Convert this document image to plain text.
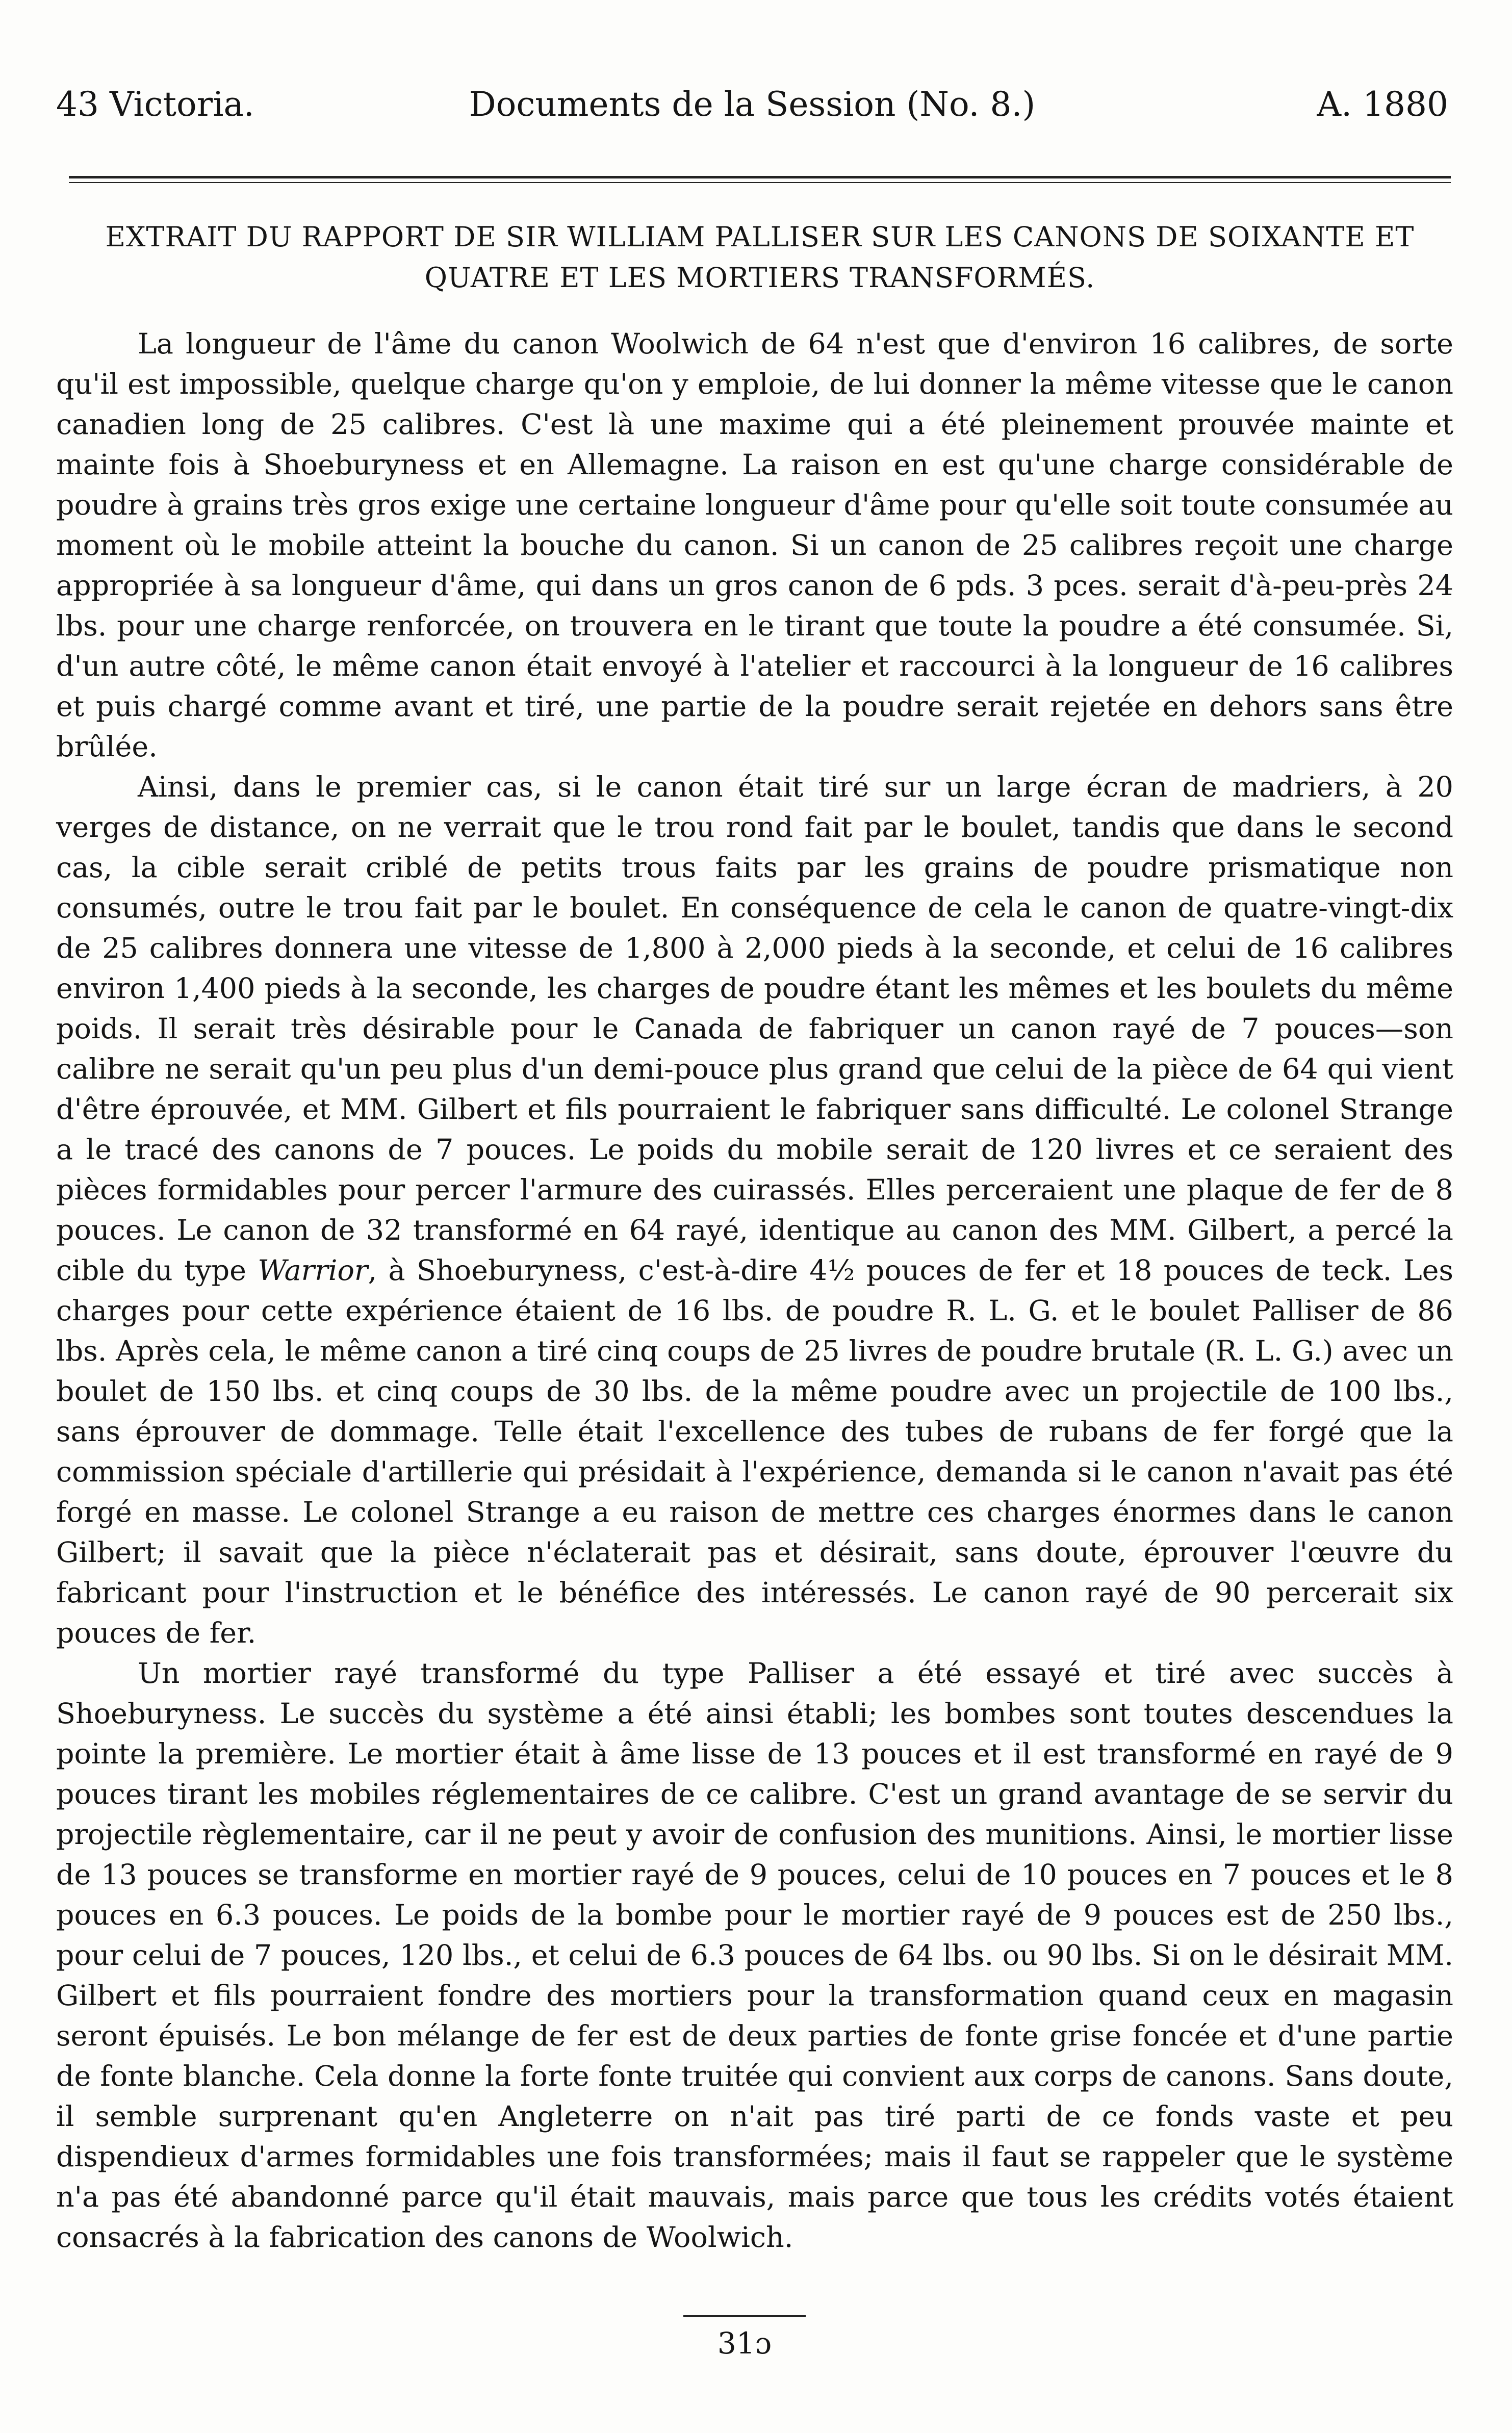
43 Victoria.	Documents de la Session (No. 8.)	A. 1880
EXTRAIT DU RAPPORT DE SIR WILLIAM PALLISER SUR LES CANONS DE SOIXANTE ET
QUATRE ET LES MORTIERS TRANSFORMÉS.

La longueur de l'âme du canon Woolwich de 64 n'est que d'environ 16 calibres, de sorte qu'il est impossible, quelque charge qu'on y emploie, de lui donner la même vitesse que le canon canadien long de 25 calibres. C'est là une maxime qui a été pleinement prouvée mainte et mainte fois à Shoeburyness et en Allemagne. La raison en est qu'une charge considérable de poudre à grains très gros exige une certaine longueur d'âme pour qu'elle soit toute consumée au moment où le mobile atteint la bouche du canon. Si un canon de 25 calibres reçoit une charge appropriée à sa longueur d'âme, qui dans un gros canon de 6 pds. 3 pces. serait d'à-peu-près 24 lbs. pour une charge renforcée, on trouvera en le tirant que toute la poudre a été consumée. Si, d'un autre côté, le même canon était envoyé à l'atelier et raccourci à la longueur de 16 calibres et puis chargé comme avant et tiré, une partie de la poudre serait rejetée en dehors sans être brûlée.

Ainsi, dans le premier cas, si le canon était tiré sur un large écran de madriers, à 20 verges de distance, on ne verrait que le trou rond fait par le boulet, tandis que dans le second cas, la cible serait criblé de petits trous faits par les grains de poudre prismatique non consumés, outre le trou fait par le boulet. En conséquence de cela le canon de quatre-vingt-dix de 25 calibres donnera une vitesse de 1,800 à 2,000 pieds à la seconde, et celui de 16 calibres environ 1,400 pieds à la seconde, les charges de poudre étant les mêmes et les boulets du même poids. Il serait très désirable pour le Canada de fabriquer un canon rayé de 7 pouces—son calibre ne serait qu'un peu plus d'un demi-pouce plus grand que celui de la pièce de 64 qui vient d'être éprouvée, et MM. Gilbert et fils pourraient le fabriquer sans difficulté. Le colonel Strange a le tracé des canons de 7 pouces. Le poids du mobile serait de 120 livres et ce seraient des pièces formidables pour percer l'armure des cuirassés. Elles perceraient une plaque de fer de 8 pouces. Le canon de 32 transformé en 64 rayé, identique au canon des MM. Gilbert, a percé la cible du type Warrior, à Shoeburyness, c'est-à-dire 4½ pouces de fer et 18 pouces de teck. Les charges pour cette expérience étaient de 16 lbs. de poudre R. L. G. et le boulet Palliser de 86 lbs. Après cela, le même canon a tiré cinq coups de 25 livres de poudre brutale (R. L. G.) avec un boulet de 150 lbs. et cinq coups de 30 lbs. de la même poudre avec un projectile de 100 lbs., sans éprouver de dommage. Telle était l'excellence des tubes de rubans de fer forgé que la commission spéciale d'artillerie qui présidait à l'expérience, demanda si le canon n'avait pas été forgé en masse. Le colonel Strange a eu raison de mettre ces charges énormes dans le canon Gilbert; il savait que la pièce n'éclaterait pas et désirait, sans doute, éprouver l'œuvre du fabricant pour l'instruction et le bénéfice des intéressés. Le canon rayé de 90 percerait six pouces de fer.

Un mortier rayé transformé du type Palliser a été essayé et tiré avec succès à Shoeburyness. Le succès du système a été ainsi établi; les bombes sont toutes descendues la pointe la première. Le mortier était à âme lisse de 13 pouces et il est transformé en rayé de 9 pouces tirant les mobiles réglementaires de ce calibre. C'est un grand avantage de se servir du projectile règlementaire, car il ne peut y avoir de confusion des munitions. Ainsi, le mortier lisse de 13 pouces se transforme en mortier rayé de 9 pouces, celui de 10 pouces en 7 pouces et le 8 pouces en 6.3 pouces. Le poids de la bombe pour le mortier rayé de 9 pouces est de 250 lbs., pour celui de 7 pouces, 120 lbs., et celui de 6.3 pouces de 64 lbs. ou 90 lbs. Si on le désirait MM. Gilbert et fils pourraient fondre des mortiers pour la transformation quand ceux en magasin seront épuisés. Le bon mélange de fer est de deux parties de fonte grise foncée et d'une partie de fonte blanche. Cela donne la forte fonte truitée qui convient aux corps de canons. Sans doute, il semble surprenant qu'en Angleterre on n'ait pas tiré parti de ce fonds vaste et peu dispendieux d'armes formidables une fois transformées; mais il faut se rappeler que le système n'a pas été abandonné parce qu'il était mauvais, mais parce que tous les crédits votés étaient consacrés à la fabrication des canons de Woolwich.

31ɔ
